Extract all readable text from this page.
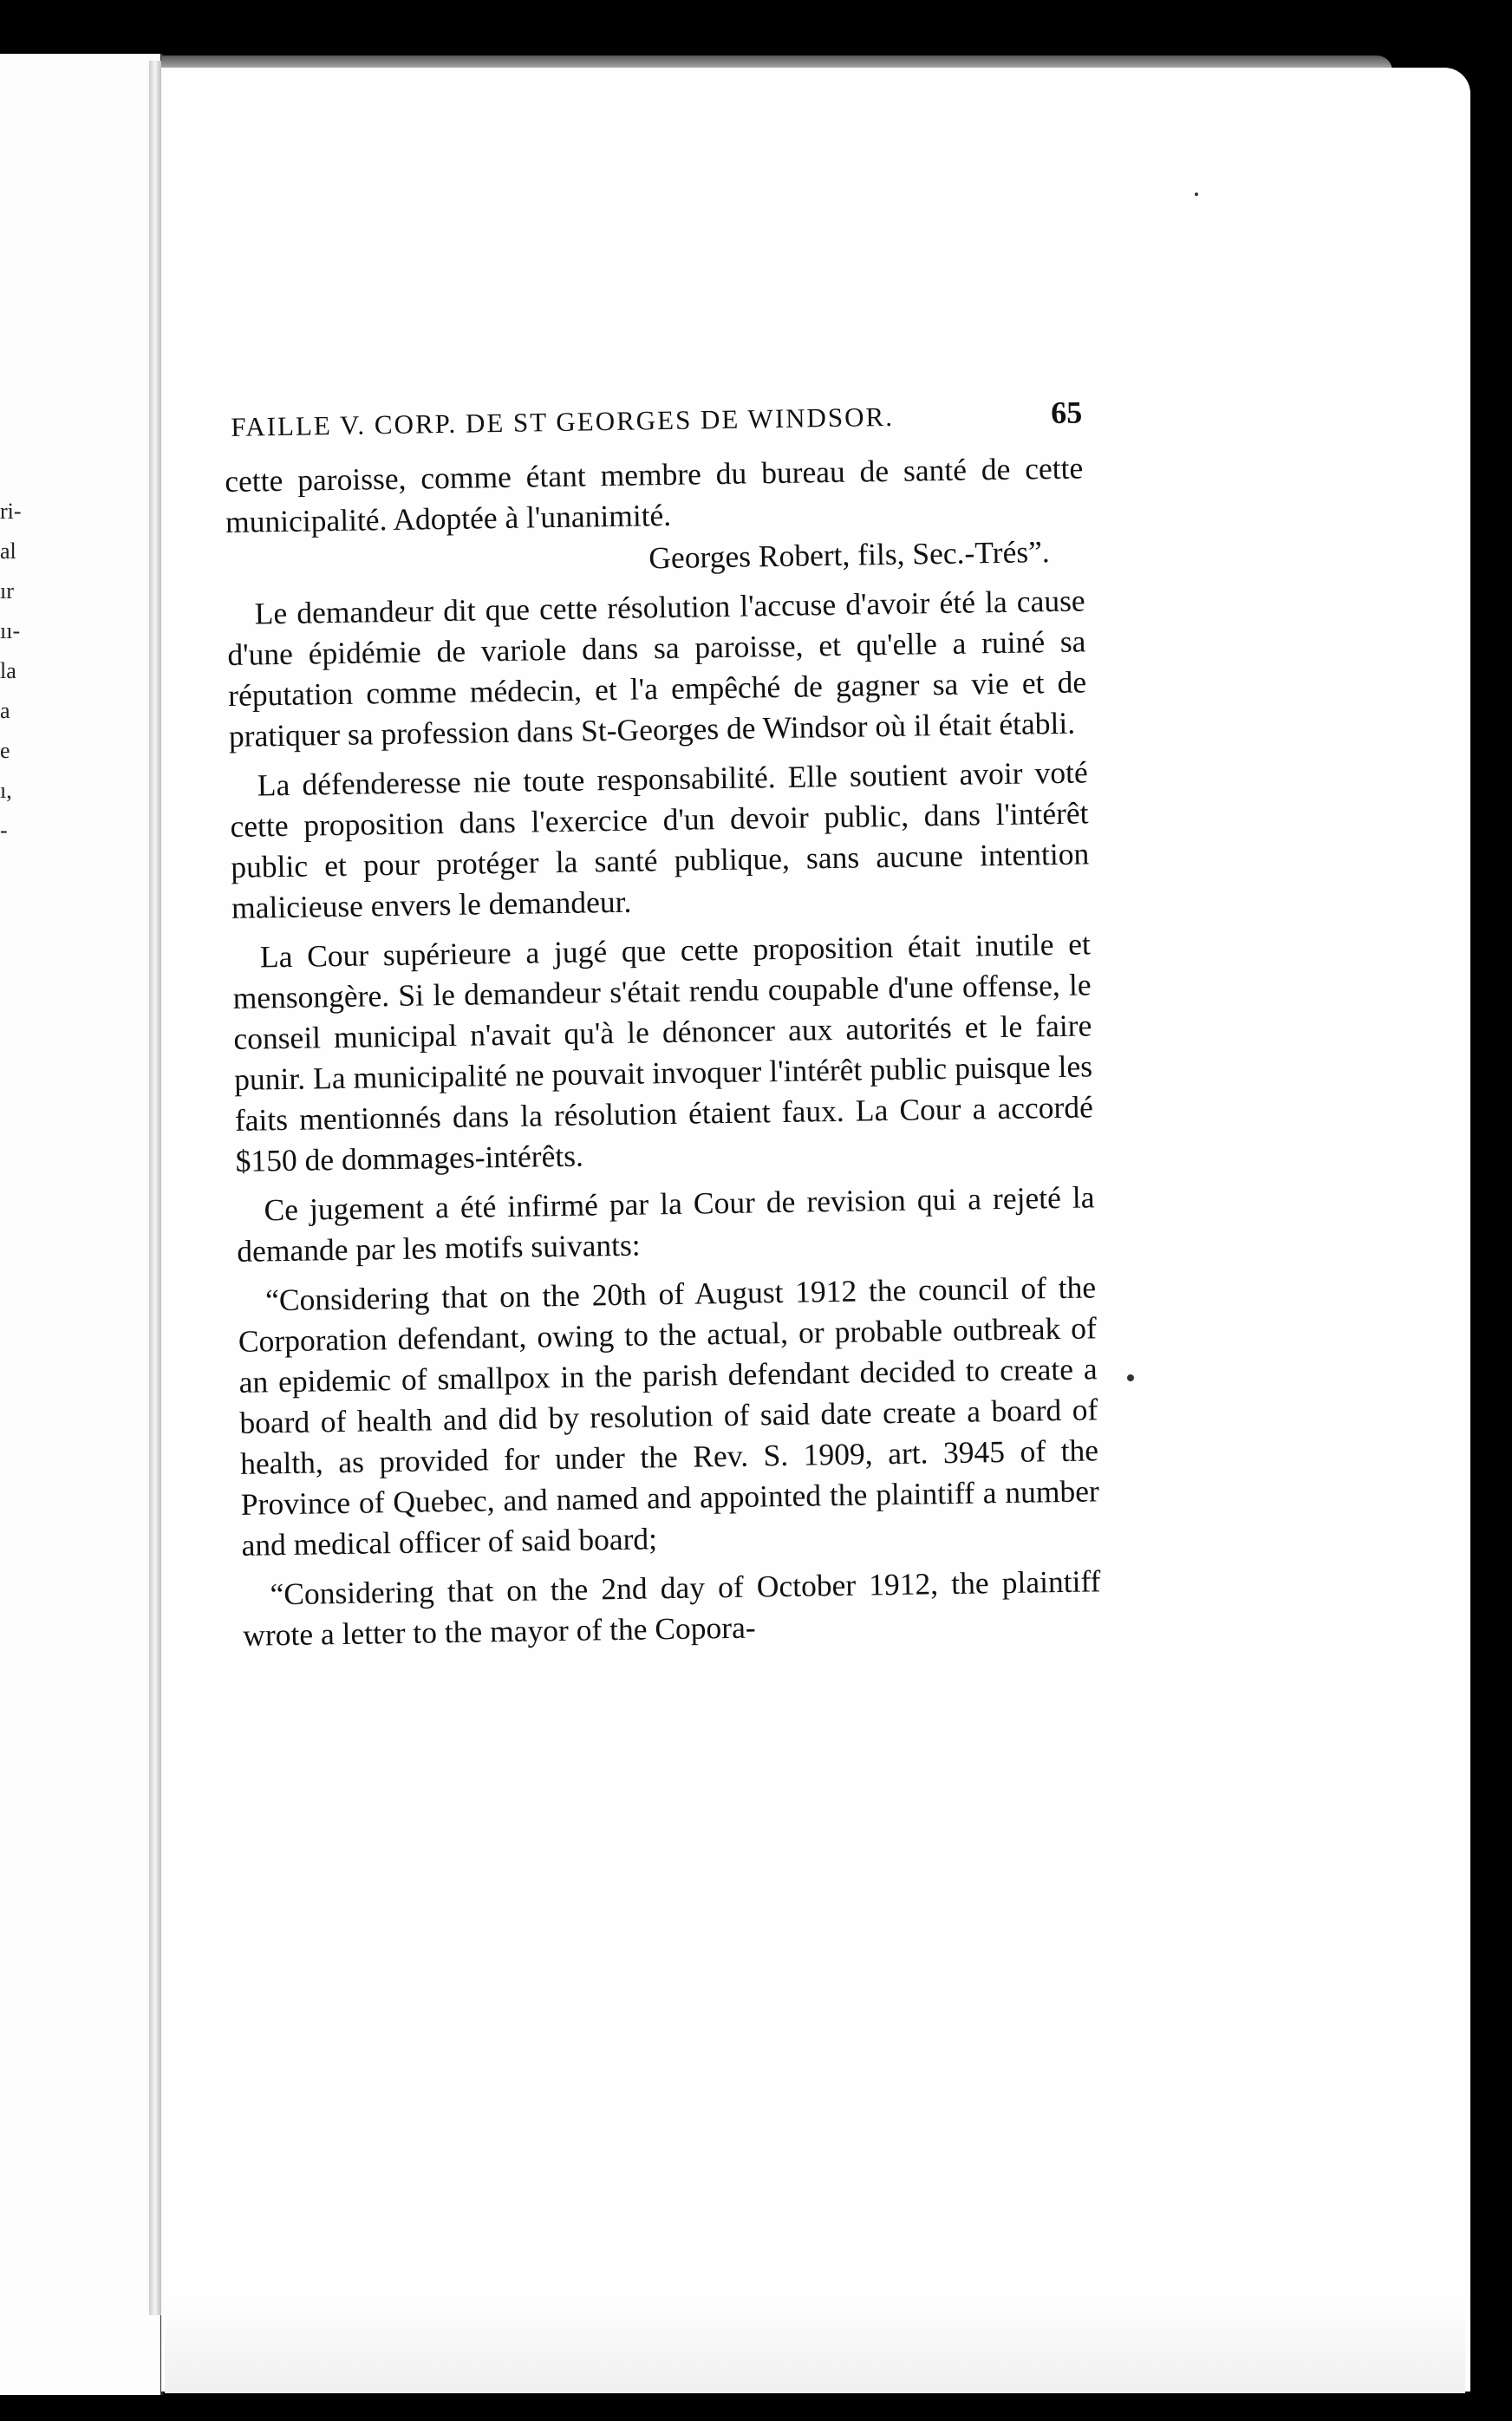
ri-
al
ır
ıı-
la
a
e
ı,
-
FAILLE V. CORP. DE ST GEORGES DE WINDSOR.	65

cette paroisse, comme étant membre du bureau de santé de cette municipalité. Adoptée à l'unanimité.

Georges Robert, fils, Sec.-Trés”.

Le demandeur dit que cette résolution l'accuse d'avoir été la cause d'une épidémie de variole dans sa paroisse, et qu'elle a ruiné sa réputation comme médecin, et l'a empêché de gagner sa vie et de pratiquer sa profession dans St-Georges de Windsor où il était établi.

La défenderesse nie toute responsabilité. Elle soutient avoir voté cette proposition dans l'exercice d'un devoir public, dans l'intérêt public et pour protéger la santé publique, sans aucune intention malicieuse envers le demandeur.

La Cour supérieure a jugé que cette proposition était inutile et mensongère. Si le demandeur s'était rendu coupable d'une offense, le conseil municipal n'avait qu'à le dénoncer aux autorités et le faire punir. La municipalité ne pouvait invoquer l'intérêt public puisque les faits mentionnés dans la résolution étaient faux. La Cour a accordé $150 de dommages-intérêts.

Ce jugement a été infirmé par la Cour de revision qui a rejeté la demande par les motifs suivants:

“Considering that on the 20th of August 1912 the council of the Corporation defendant, owing to the actual, or probable outbreak of an epidemic of smallpox in the parish defendant decided to create a board of health and did by resolution of said date create a board of health, as provided for under the Rev. S. 1909, art. 3945 of the Province of Quebec, and named and appointed the plaintiff a number and medical officer of said board;

“Considering that on the 2nd day of October 1912, the plaintiff wrote a letter to the mayor of the Copora-
